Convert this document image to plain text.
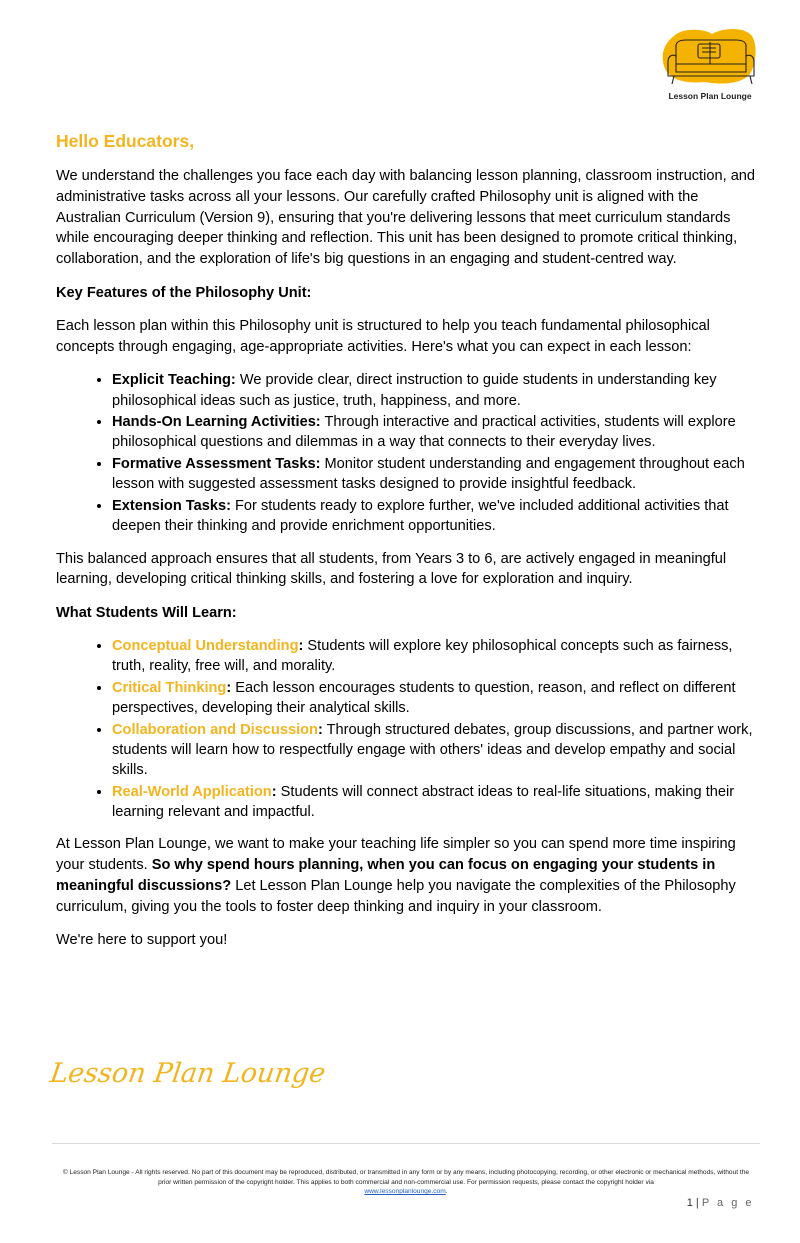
Lesson Plan Lounge
Hello Educators,

We understand the challenges you face each day with balancing lesson planning, classroom instruction, and administrative tasks across all your lessons. Our carefully crafted Philosophy unit is aligned with the Australian Curriculum (Version 9), ensuring that you're delivering lessons that meet curriculum standards while encouraging deeper thinking and reflection. This unit has been designed to promote critical thinking, collaboration, and the exploration of life's big questions in an engaging and student-centred way.

Key Features of the Philosophy Unit:

Each lesson plan within this Philosophy unit is structured to help you teach fundamental philosophical concepts through engaging, age-appropriate activities. Here's what you can expect in each lesson:

• Explicit Teaching: We provide clear, direct instruction to guide students in understanding key philosophical ideas such as justice, truth, happiness, and more.
• Hands-On Learning Activities: Through interactive and practical activities, students will explore philosophical questions and dilemmas in a way that connects to their everyday lives.
• Formative Assessment Tasks: Monitor student understanding and engagement throughout each lesson with suggested assessment tasks designed to provide insightful feedback.
• Extension Tasks: For students ready to explore further, we've included additional activities that deepen their thinking and provide enrichment opportunities.

This balanced approach ensures that all students, from Years 3 to 6, are actively engaged in meaningful learning, developing critical thinking skills, and fostering a love for exploration and inquiry.

What Students Will Learn:

• Conceptual Understanding: Students will explore key philosophical concepts such as fairness, truth, reality, free will, and morality.
• Critical Thinking: Each lesson encourages students to question, reason, and reflect on different perspectives, developing their analytical skills.
• Collaboration and Discussion: Through structured debates, group discussions, and partner work, students will learn how to respectfully engage with others' ideas and develop empathy and social skills.
• Real-World Application: Students will connect abstract ideas to real-life situations, making their learning relevant and impactful.

At Lesson Plan Lounge, we want to make your teaching life simpler so you can spend more time inspiring your students. So why spend hours planning, when you can focus on engaging your students in meaningful discussions? Let Lesson Plan Lounge help you navigate the complexities of the Philosophy curriculum, giving you the tools to foster deep thinking and inquiry in your classroom.

We're here to support you!

Lesson Plan Lounge
© Lesson Plan Lounge - All rights reserved. No part of this document may be reproduced, distributed, or transmitted in any form or by any means, including photocopying, recording, or other electronic or mechanical methods, without the prior written permission of the copyright holder. This applies to both commercial and non-commercial use. For permission requests, please contact the copyright holder via
www.lessonplanlounge.com.
1 | P a g e
